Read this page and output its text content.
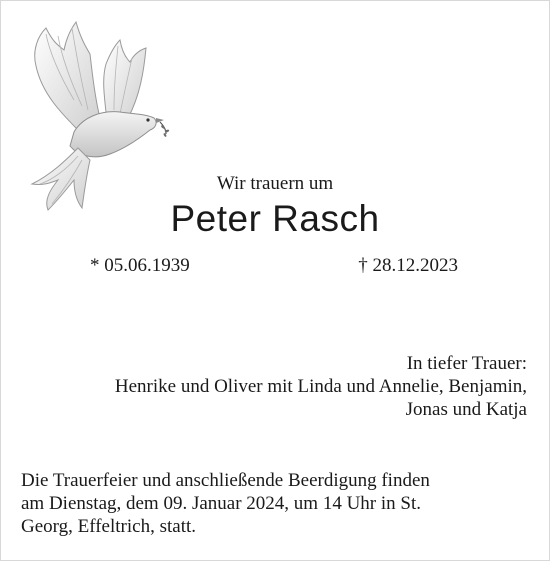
Wir trauern um
Peter Rasch
* 05.06.1939	† 28.12.2023
In tiefer Trauer:
Henrike und Oliver mit Linda und Annelie, Benjamin,
Jonas und Katja
Die Trauerfeier und anschließende Beerdigung finden
am Dienstag, dem 09. Januar 2024, um 14 Uhr in St.
Georg, Effeltrich, statt.
